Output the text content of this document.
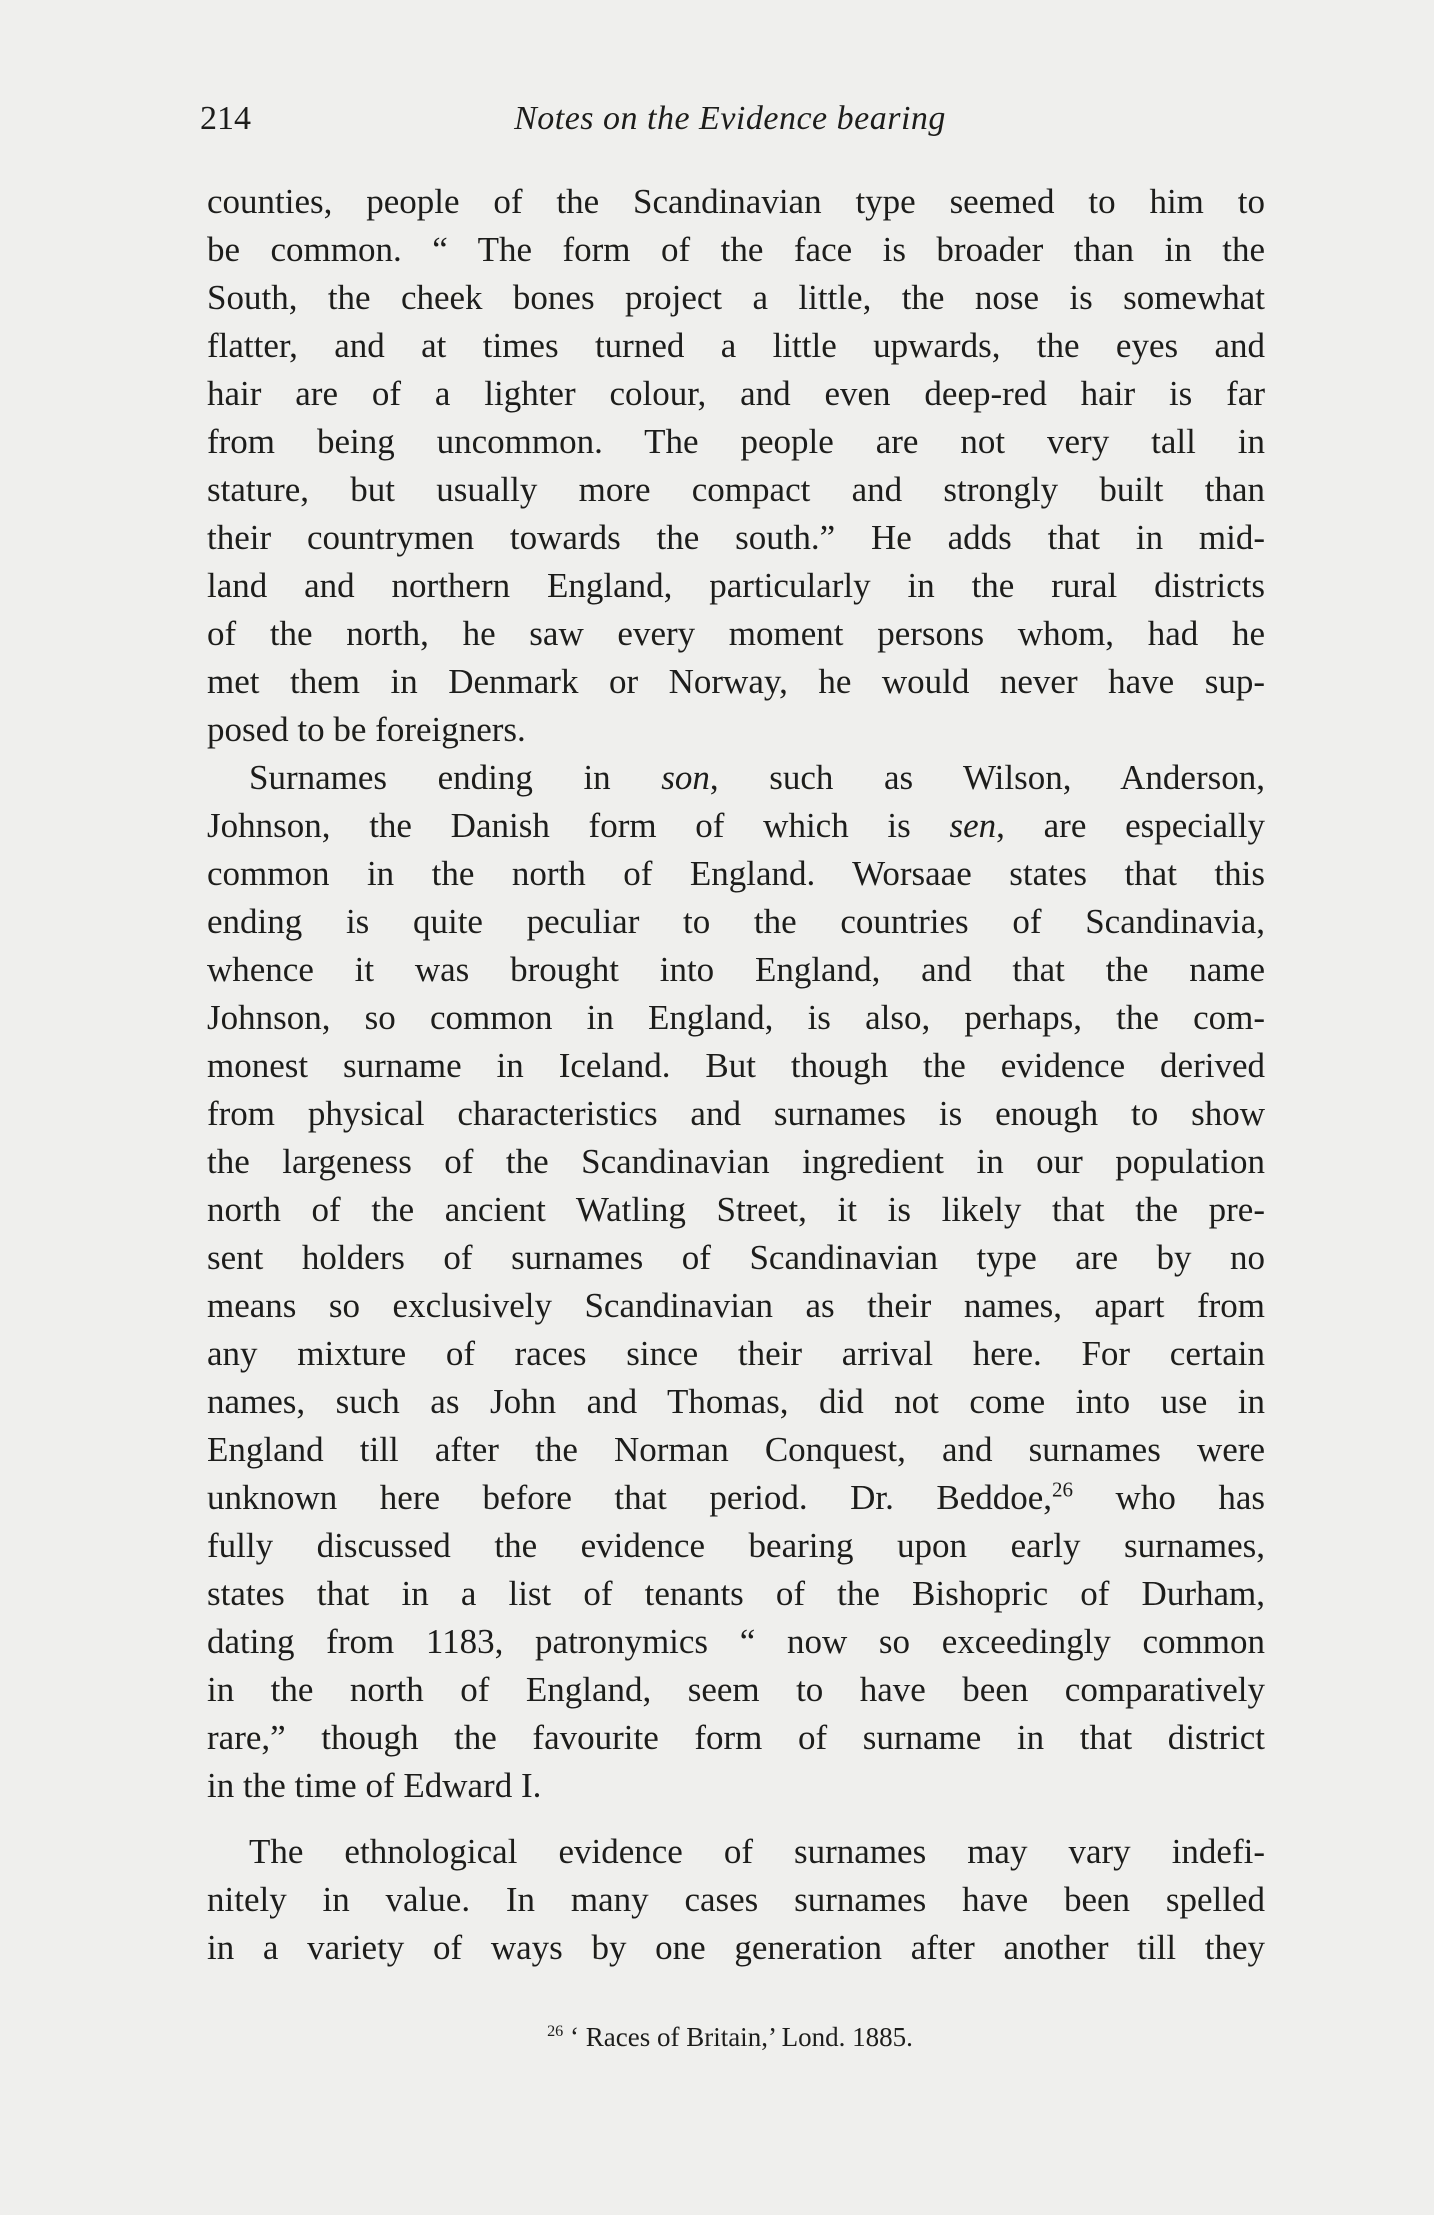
214	Notes on the Evidence bearing
counties, people of the Scandinavian type seemed to him to
be common. “ The form of the face is broader than in the
South, the cheek bones project a little, the nose is somewhat
flatter, and at times turned a little upwards, the eyes and
hair are of a lighter colour, and even deep-red hair is far
from being uncommon. The people are not very tall in
stature, but usually more compact and strongly built than
their countrymen towards the south.” He adds that in mid-
land and northern England, particularly in the rural districts
of the north, he saw every moment persons whom, had he
met them in Denmark or Norway, he would never have sup-
posed to be foreigners.
Surnames ending in son, such as Wilson, Anderson,
Johnson, the Danish form of which is sen, are especially
common in the north of England. Worsaae states that this
ending is quite peculiar to the countries of Scandinavia,
whence it was brought into England, and that the name
Johnson, so common in England, is also, perhaps, the com-
monest surname in Iceland. But though the evidence derived
from physical characteristics and surnames is enough to show
the largeness of the Scandinavian ingredient in our population
north of the ancient Watling Street, it is likely that the pre-
sent holders of surnames of Scandinavian type are by no
means so exclusively Scandinavian as their names, apart from
any mixture of races since their arrival here. For certain
names, such as John and Thomas, did not come into use in
England till after the Norman Conquest, and surnames were
unknown here before that period. Dr. Beddoe,$^{26}$ who has
fully discussed the evidence bearing upon early surnames,
states that in a list of tenants of the Bishopric of Durham,
dating from 1183, patronymics “ now so exceedingly common
in the north of England, seem to have been comparatively
rare,” though the favourite form of surname in that district
in the time of Edward I.
The ethnological evidence of surnames may vary indefi-
nitely in value. In many cases surnames have been spelled
in a variety of ways by one generation after another till they
$^{26}$ ‘ Races of Britain,’ Lond. 1885.
